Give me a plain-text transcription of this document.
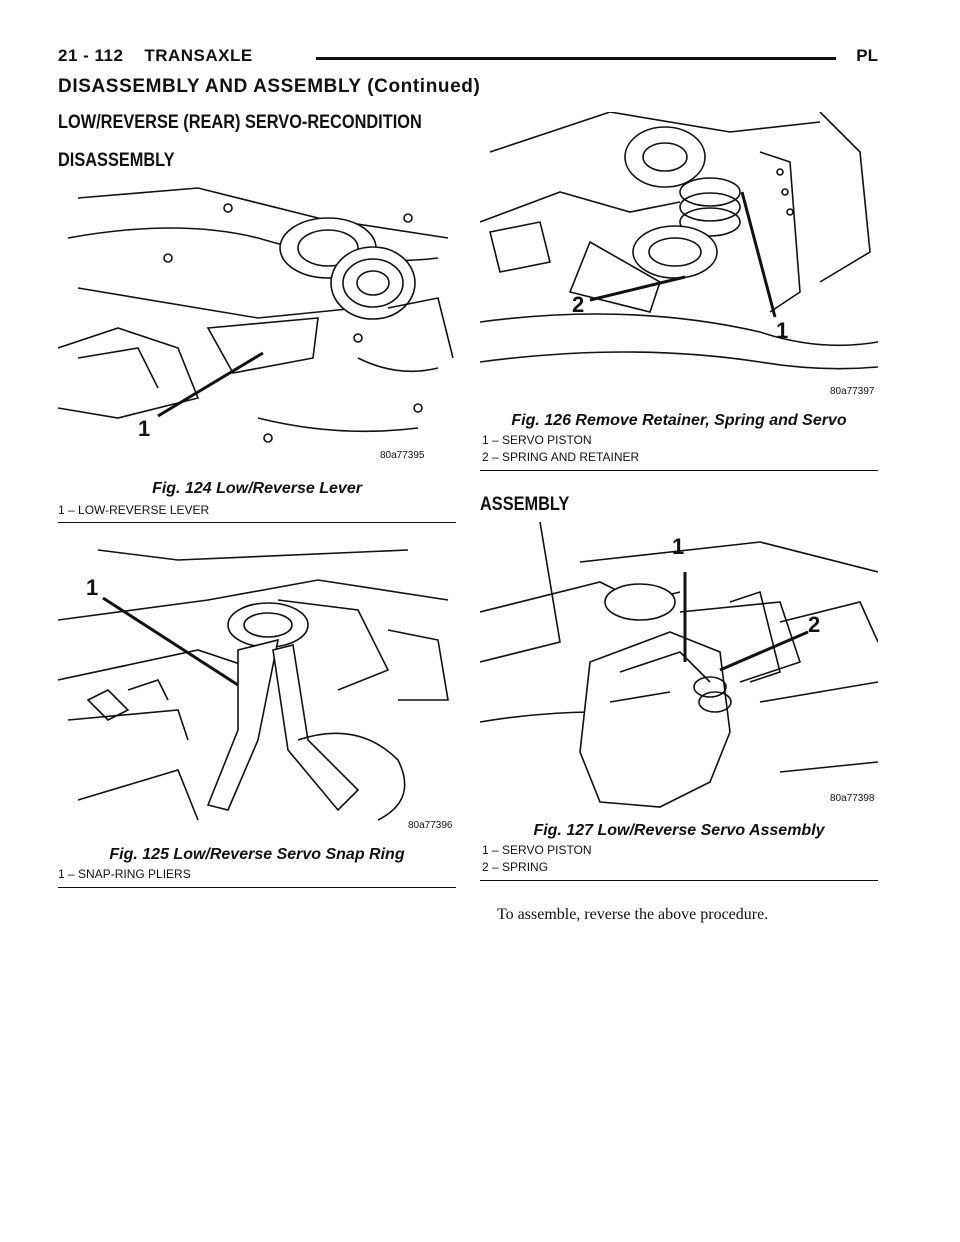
21 - 112    TRANSAXLE	PL
DISASSEMBLY AND ASSEMBLY (Continued)
LOW/REVERSE (REAR) SERVO-RECONDITION
DISASSEMBLY
1
80a77395
Fig. 124 Low/Reverse Lever
1 – LOW-REVERSE LEVER
1
80a77396
Fig. 125 Low/Reverse Servo Snap Ring
1 – SNAP-RING PLIERS
2
1
80a77397
Fig. 126 Remove Retainer, Spring and Servo
1 – SERVO PISTON
2 – SPRING AND RETAINER
ASSEMBLY
1
2
80a77398
Fig. 127 Low/Reverse Servo Assembly
1 – SERVO PISTON
2 – SPRING
To assemble, reverse the above procedure.
